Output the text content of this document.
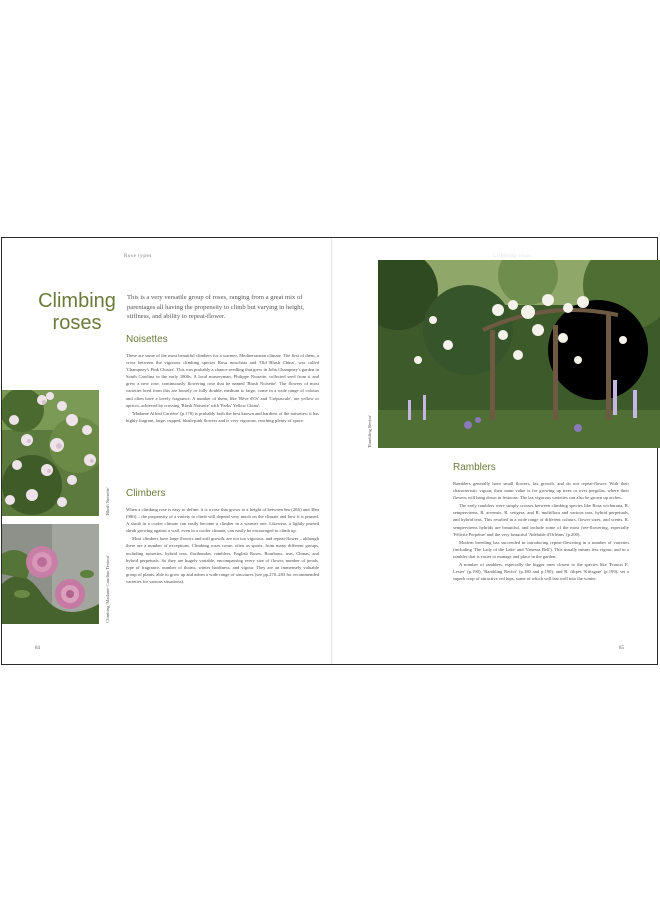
Rose types
Climbing
roses
This is a very versatile group of roses, ranging from a great mix of parentages all having the propensity to climb but varying in height, stiffness, and ability to repeat-flower.
Noisettes

These are some of the most beautiful climbers for a warmer, Mediterranean climate. The first of them, a cross between the vigorous climbing species Rosa moschata and 'Old Blush China', was called 'Champney's Pink Cluster'. This was probably a chance seedling that grew in John Champney's garden in South Carolina in the early 1800s. A local nurseryman, Philippe Noisette, collected seed from it and grew a new rose, continuously flowering rose that he named 'Blush Noisette'. The flowers of most varieties bred from this are loosely or fully double, medium to large, come in a wide range of colours and often have a lovely fragrance. A number of them, like 'Rêve d'Or' and 'Crépuscule', are yellow or apricot, achieved by crossing 'Blush Noisette' with 'Parks' Yellow China'.

'Madame Alfred Carrière' (p.178) is probably both the best known and hardiest of the noisettes; it has highly fragrant, large, cupped, blush-pink flowers and is very vigorous, reaching plenty of space.

Climbers

When a climbing rose is easy to define: it is a rose that grows to a height of between 6m (20ft) and 30m (98ft) – the propensity of a variety to climb will depend very much on the climate and how it is pruned. A shrub in a cooler climate can easily become a climber in a warmer one. Likewise, a lightly pruned shrub growing against a wall, even in a cooler climate, can easily be encouraged to climb up.

Most climbers have large flowers and stiff growth, are not too vigorous, and repeat-flower – although there are a number of exceptions. Climbing roses come, often as sports, from many different groups, including noisettes, hybrid teas, floribundas, ramblers, English Roses, Bourbons, teas, Chinas, and hybrid perpetuals. So they are hugely variable, encompassing every size of flower, number of petals, type of fragrance, number of thorns, winter hardiness, and vigour. They are an immensely valuable group of plants, able to grow up and adorn a wide range of structures (see pp.270–283 for recommended varieties for various situations).

'Blush Noisette'
Climbing 'Madame Caroline Testout'
84
Climbing roses
'Rambling Rector'
Ramblers

Ramblers generally have small flowers, lax growth, and do not repeat-flower. With their characteristic vigour, their main value is for growing up trees or over pergolas, where their flowers will hang down in festoons. The lax vigorous varieties can also be grown up arches.

The early ramblers were simply crosses between climbing species like Rosa wichurana, R. sempervirens, R. arvensis, R. setigera, and R. multiflora and various teas, hybrid perpetuals, and hybrid teas. This resulted in a wide range of different colours, flower sizes, and scents. R. sempervirens hybrids are beautiful, and include some of the most free-flowering, especially 'Félicité Perpétue' and the very beautiful 'Adélaïde d'Orléans' (p.200).

Modern breeding has succeeded in introducing repeat-flowering in a number of varieties (including 'The Lady of the Lake' and 'Vanessa Bell'). This usually means less vigour, and in a rambler that is easier to manage and place in the garden.

A number of ramblers, especially the bigger ones closest to the species like 'Francis E. Lester' (p.190), 'Rambling Rector' (p.180 and p.190), and R. filipes 'Kiftsgate' (p.199), set a superb crop of attractive red hips, some of which will last well into the winter.

85
